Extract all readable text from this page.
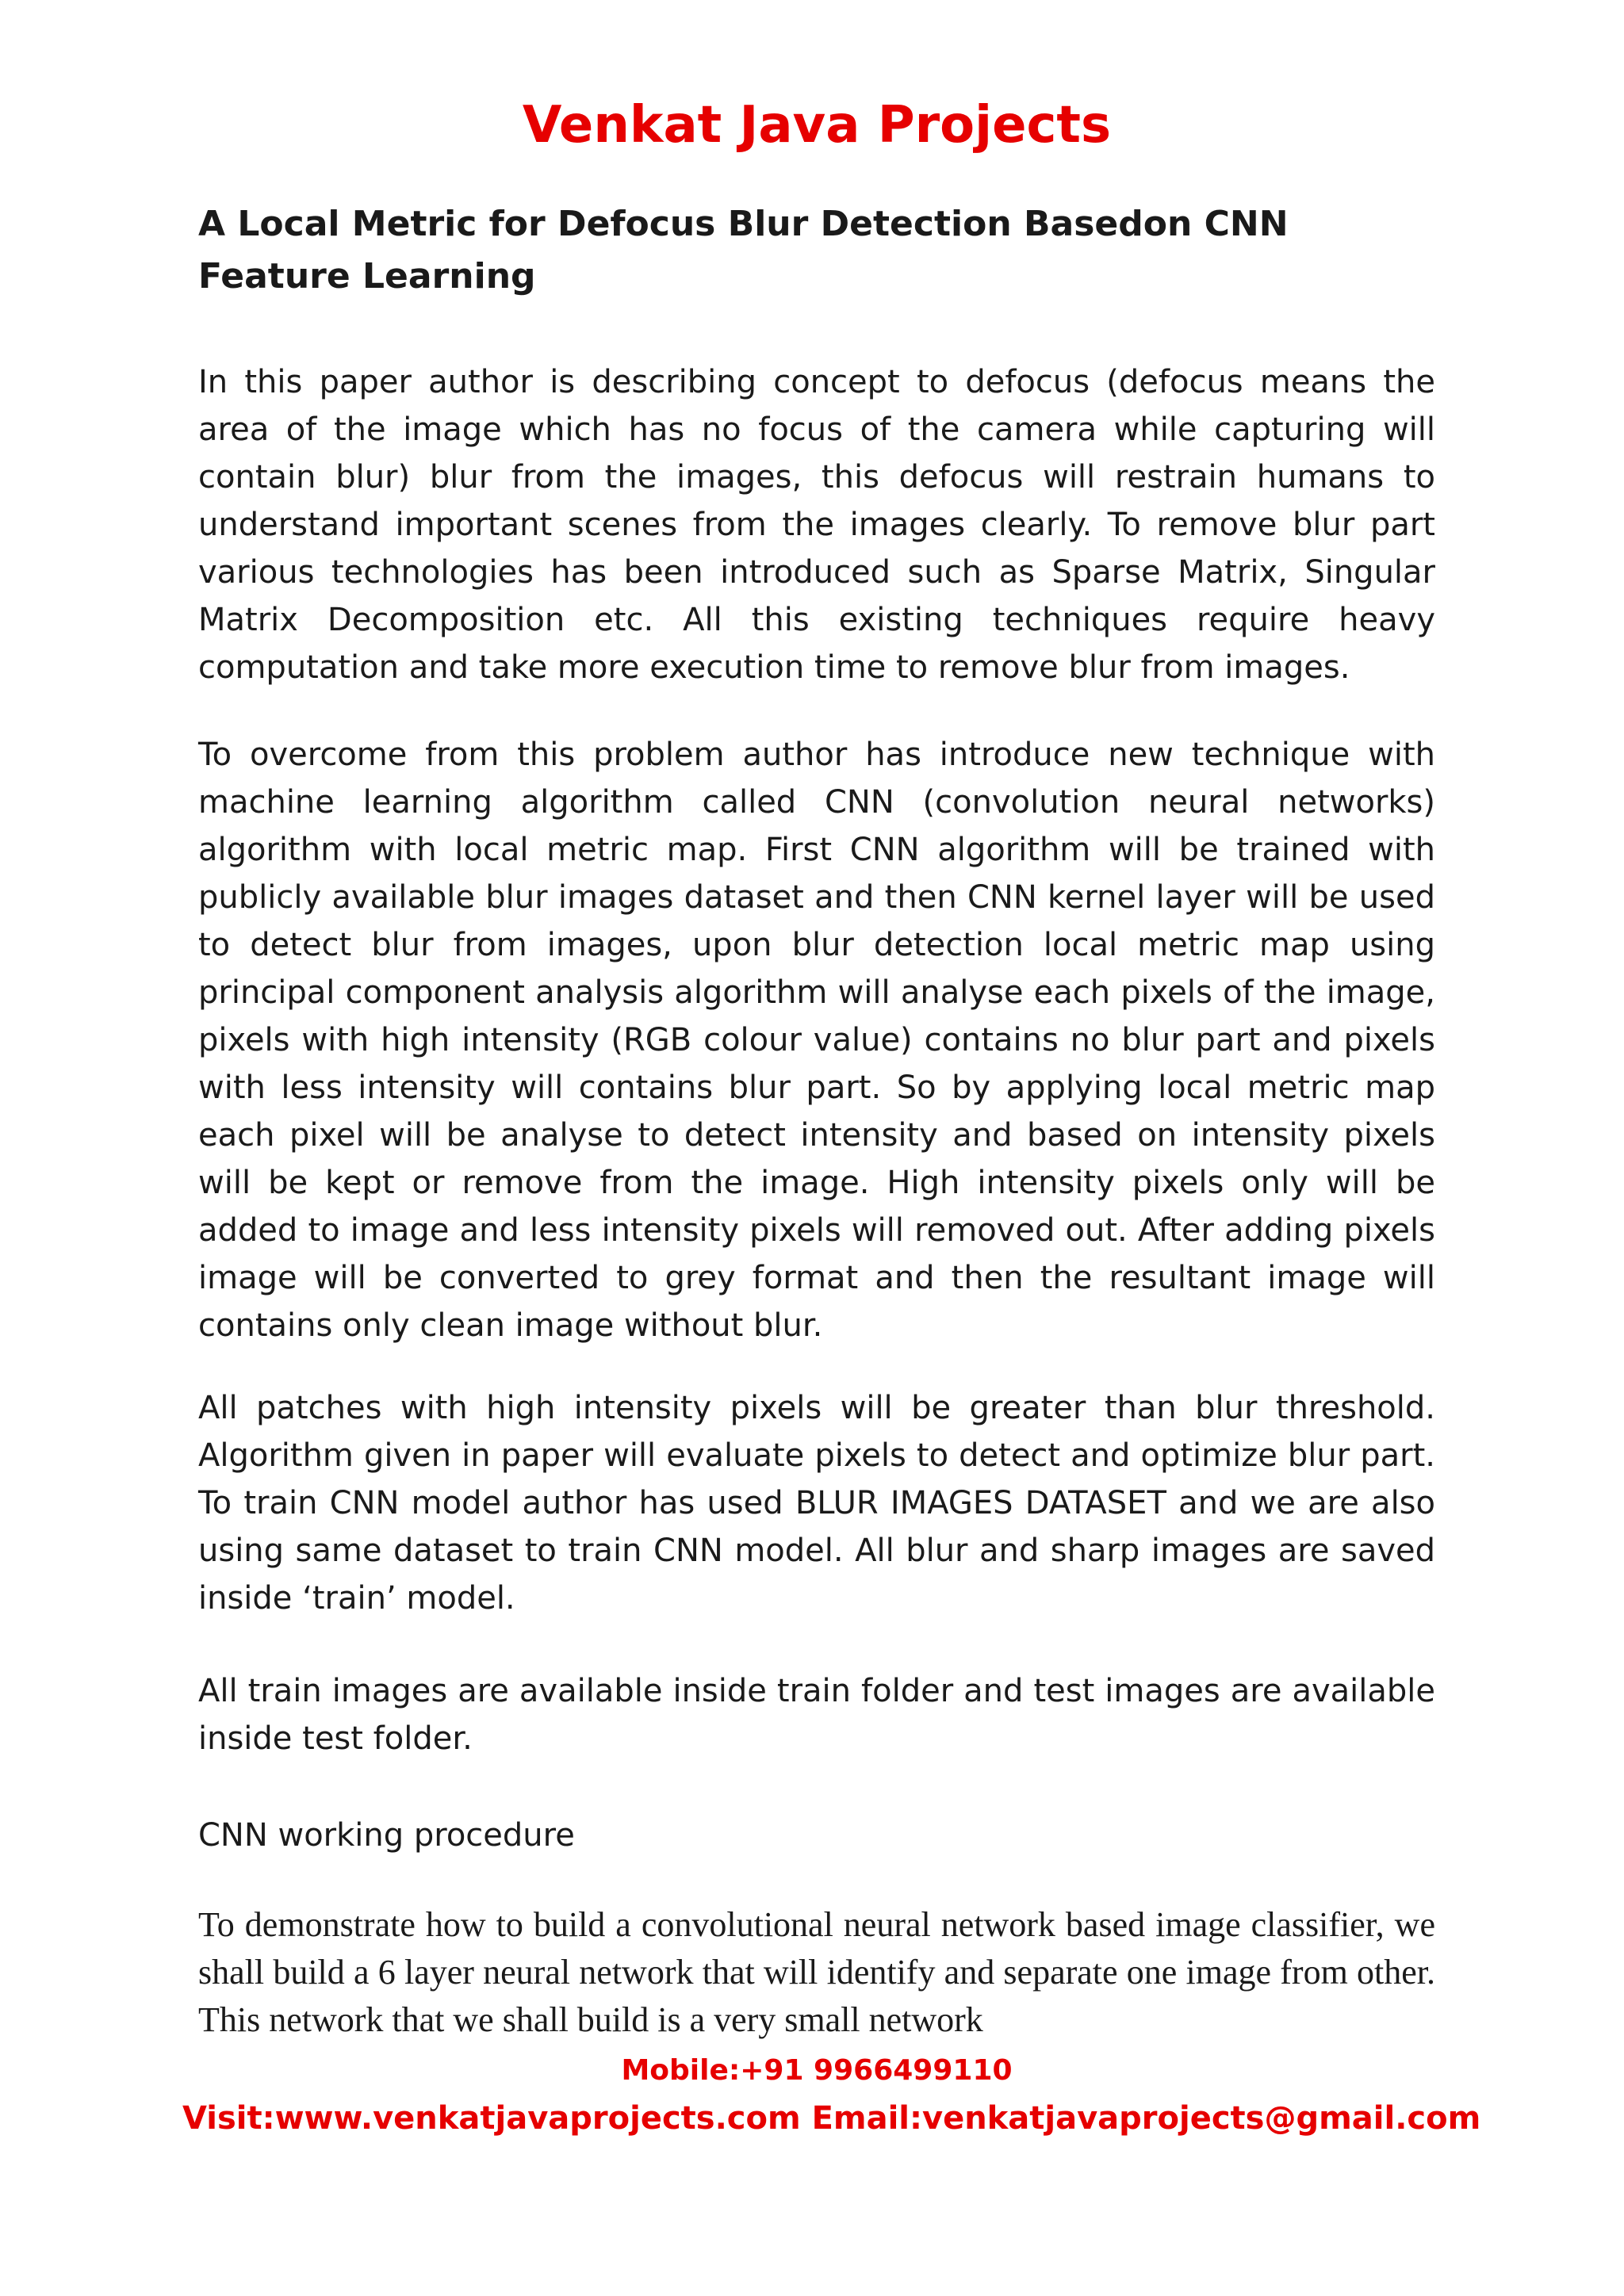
Venkat Java Projects
A Local Metric for Defocus Blur Detection Basedon CNN Feature Learning
In this paper author is describing concept to defocus (defocus means the area of the image which has no focus of the camera while capturing will contain blur) blur from the images, this defocus will restrain humans to understand important scenes from the images clearly. To remove blur part various technologies has been introduced such as Sparse Matrix, Singular Matrix Decomposition etc. All this existing techniques require heavy computation and take more execution time to remove blur from images.
To overcome from this problem author has introduce new technique with machine learning algorithm called CNN (convolution neural networks) algorithm with local metric map. First CNN algorithm will be trained with publicly available blur images dataset and then CNN kernel layer will be used to detect blur from images, upon blur detection local metric map using principal component analysis algorithm will analyse each pixels of the image, pixels with high intensity (RGB colour value) contains no blur part and pixels with less intensity will contains blur part. So by applying local metric map each pixel will be analyse to detect intensity and based on intensity pixels will be kept or remove from the image. High intensity pixels only will be added to image and less intensity pixels will removed out. After adding pixels image will be converted to grey format and then the resultant image will contains only clean image without blur.
All patches with high intensity pixels will be greater than blur threshold. Algorithm given in paper will evaluate pixels to detect and optimize blur part. To train CNN model author has used BLUR IMAGES DATASET and we are also using same dataset to train CNN model. All blur and sharp images are saved inside ‘train’ model.
All train images are available inside train folder and test images are available inside test folder.
CNN working procedure
To demonstrate how to build a convolutional neural network based image classifier, we shall build a 6 layer neural network that will identify and separate one image from other. This network that we shall build is a very small network
Mobile:+91 9966499110
Visit:www.venkatjavaprojects.com Email:venkatjavaprojects@gmail.com
